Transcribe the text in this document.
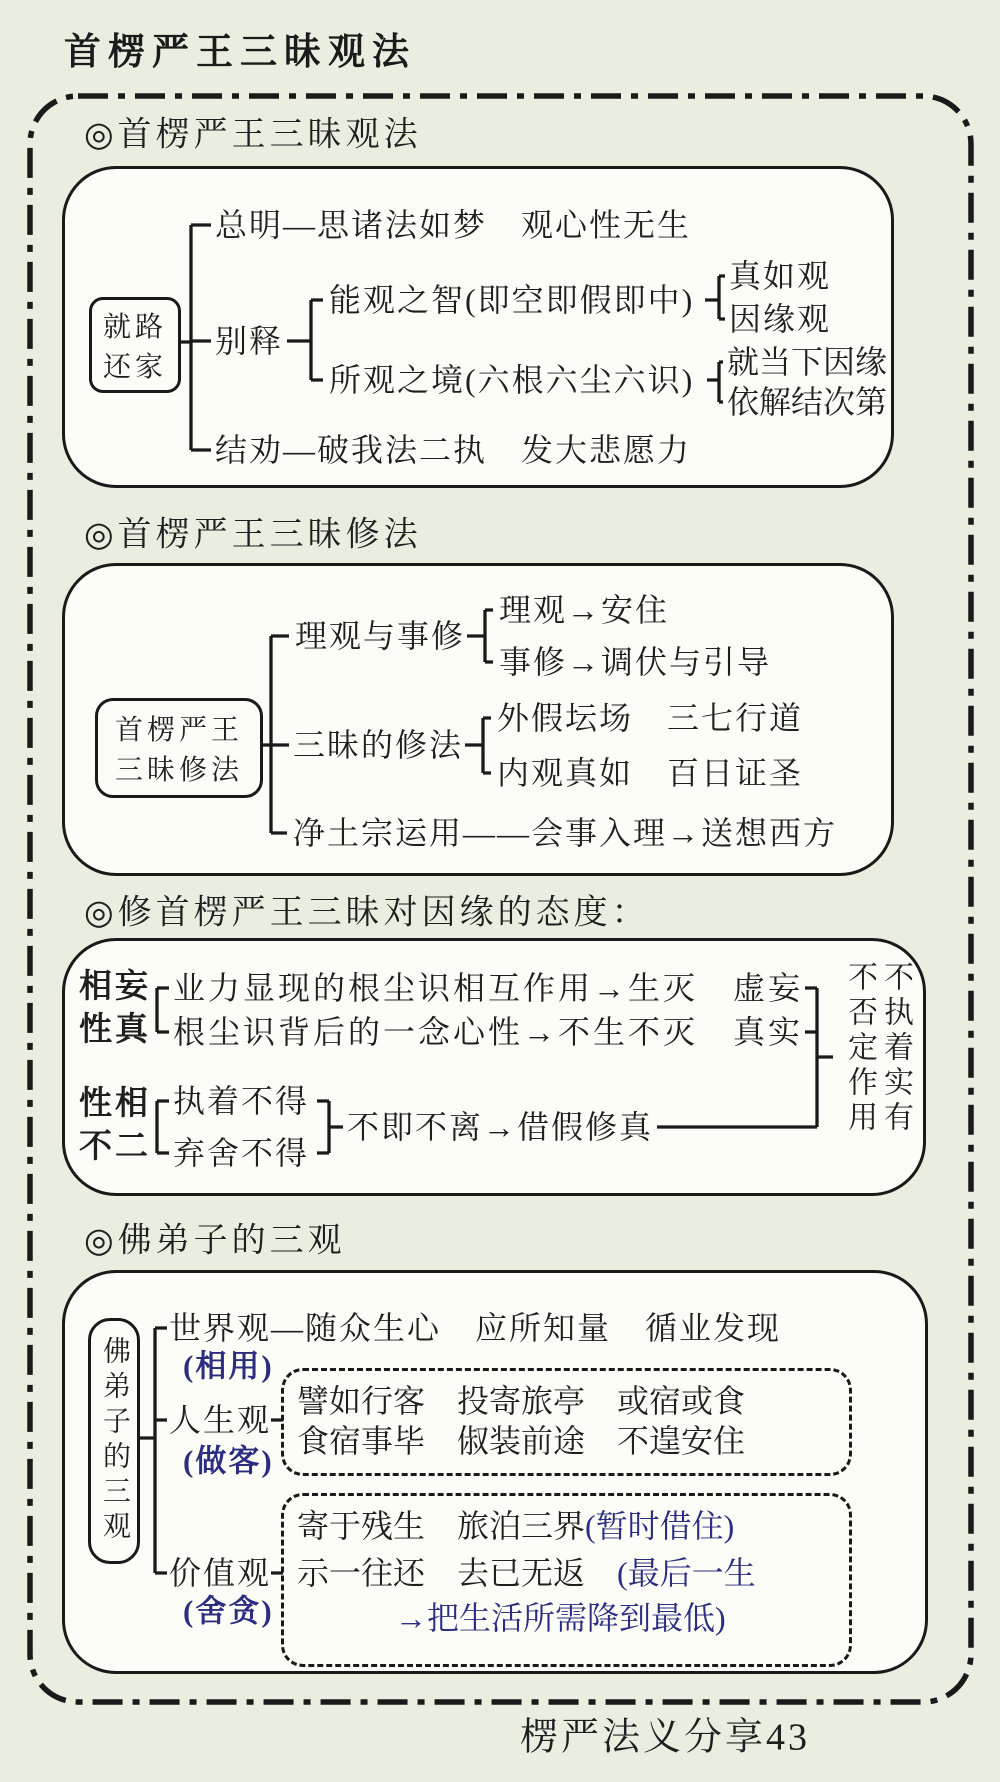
首楞严王三昧观法
◎首楞严王三昧观法
就路
还家
总明—思诸法如梦　观心性无生
别释
能观之智(即空即假即中)
真如观
因缘观
所观之境(六根六尘六识) 就当下因缘
依解结次第
结劝—破我法二执　发大悲愿力
◎首楞严王三昧修法
首楞严王
三昧修法
理观与事修
理观→安住
事修→调伏与引导
三昧的修法
外假坛场　三七行道
内观真如　百日证圣
净土宗运用——会事入理→送想西方
◎修首楞严王三昧对因缘的态度：
相妄
性真
业力显现的根尘识相互作用→生灭　虚妄
根尘识背后的一念心性→不生不灭　真实
性相
不二
执着不得
弃舍不得
不即不离→借假修真	不否定作用 不执着实有
◎佛弟子的三观
佛弟子的三观
世界观—随众生心　应所知量　循业发现
(相用)
人生观
(做客)
譬如行客　投寄旅亭　或宿或食
食宿事毕　俶装前途　不遑安住
价值观
(舍贪)
寄于残生　旅泊三界(暂时借住)
示一往还　去已无返　 (最后一生
→把生活所需降到最低)
楞严法义分享43
